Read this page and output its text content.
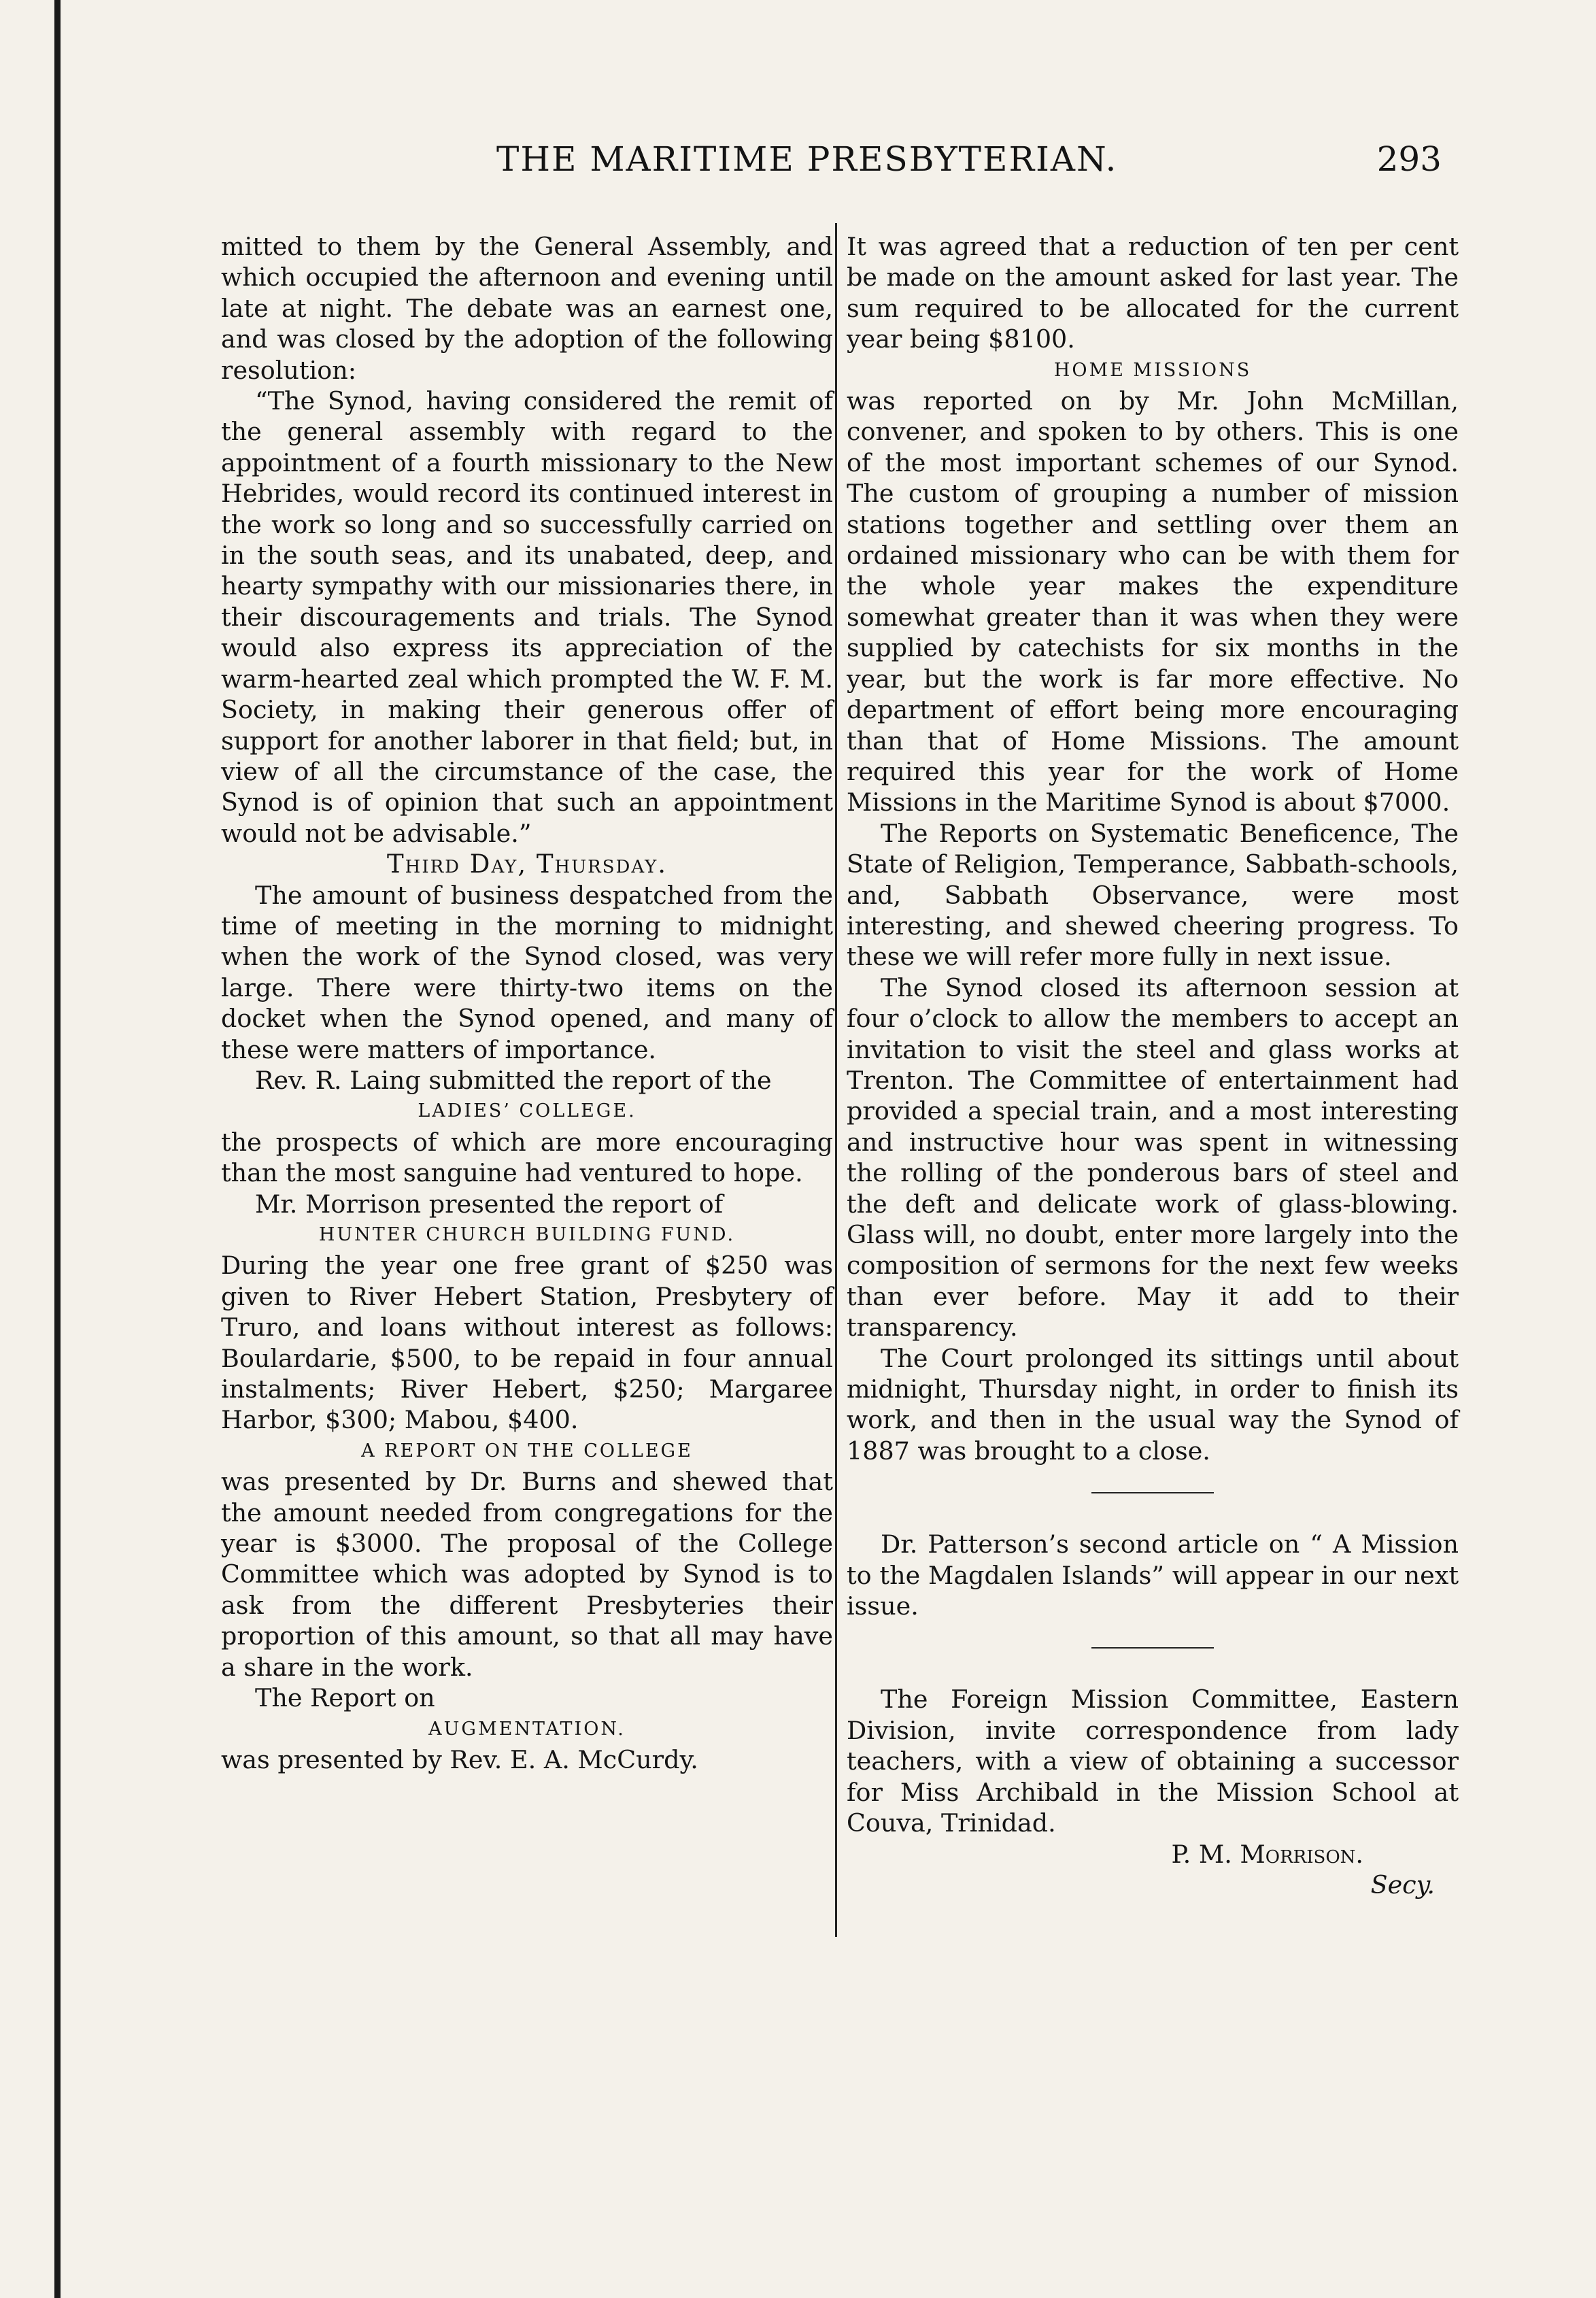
THE MARITIME PRESBYTERIAN.	293

mitted to them by the General Assembly, and which occupied the afternoon and evening until late at night. The debate was an earnest one, and was closed by the adoption of the following resolution:

“The Synod, having considered the remit of the general assembly with regard to the appointment of a fourth missionary to the New Hebrides, would record its continued interest in the work so long and so successfully carried on in the south seas, and its unabated, deep, and hearty sympathy with our missionaries there, in their discouragements and trials. The Synod would also express its appreciation of the warm-hearted zeal which prompted the W. F. M. Society, in making their generous offer of support for another laborer in that field; but, in view of all the circumstance of the case, the Synod is of opinion that such an appointment would not be advisable.”

Third Day, Thursday.

The amount of business despatched from the time of meeting in the morning to midnight when the work of the Synod closed, was very large. There were thirty-two items on the docket when the Synod opened, and many of these were matters of importance.

Rev. R. Laing submitted the report of the

LADIES’ COLLEGE.

the prospects of which are more encouraging than the most sanguine had ventured to hope.

Mr. Morrison presented the report of

HUNTER CHURCH BUILDING FUND.

During the year one free grant of $250 was given to River Hebert Station, Presbytery of Truro, and loans without interest as follows: Boulardarie, $500, to be repaid in four annual instalments; River Hebert, $250; Margaree Harbor, $300; Mabou, $400.

A REPORT ON THE COLLEGE

was presented by Dr. Burns and shewed that the amount needed from congregations for the year is $3000. The proposal of the College Committee which was adopted by Synod is to ask from the different Presbyteries their proportion of this amount, so that all may have a share in the work.

The Report on

AUGMENTATION.

was presented by Rev. E. A. McCurdy.

It was agreed that a reduction of ten per cent be made on the amount asked for last year. The sum required to be allocated for the current year being $8100.

HOME MISSIONS

was reported on by Mr. John McMillan, convener, and spoken to by others. This is one of the most important schemes of our Synod. The custom of grouping a number of mission stations together and settling over them an ordained missionary who can be with them for the whole year makes the expenditure somewhat greater than it was when they were supplied by catechists for six months in the year, but the work is far more effective. No department of effort being more encouraging than that of Home Missions. The amount required this year for the work of Home Missions in the Maritime Synod is about $7000.

The Reports on Systematic Beneficence, The State of Religion, Temperance, Sabbath-schools, and, Sabbath Observance, were most interesting, and shewed cheering progress. To these we will refer more fully in next issue.

The Synod closed its afternoon session at four o’clock to allow the members to accept an invitation to visit the steel and glass works at Trenton. The Committee of entertainment had provided a special train, and a most interesting and instructive hour was spent in witnessing the rolling of the ponderous bars of steel and the deft and delicate work of glass-blowing. Glass will, no doubt, enter more largely into the composition of sermons for the next few weeks than ever before. May it add to their transparency.

The Court prolonged its sittings until about midnight, Thursday night, in order to finish its work, and then in the usual way the Synod of 1887 was brought to a close.

Dr. Patterson’s second article on “ A Mission to the Magdalen Islands” will appear in our next issue.

The Foreign Mission Committee, Eastern Division, invite correspondence from lady teachers, with a view of obtaining a successor for Miss Archibald in the Mission School at Couva, Trinidad.

P. M. Morrison.

Secy.
